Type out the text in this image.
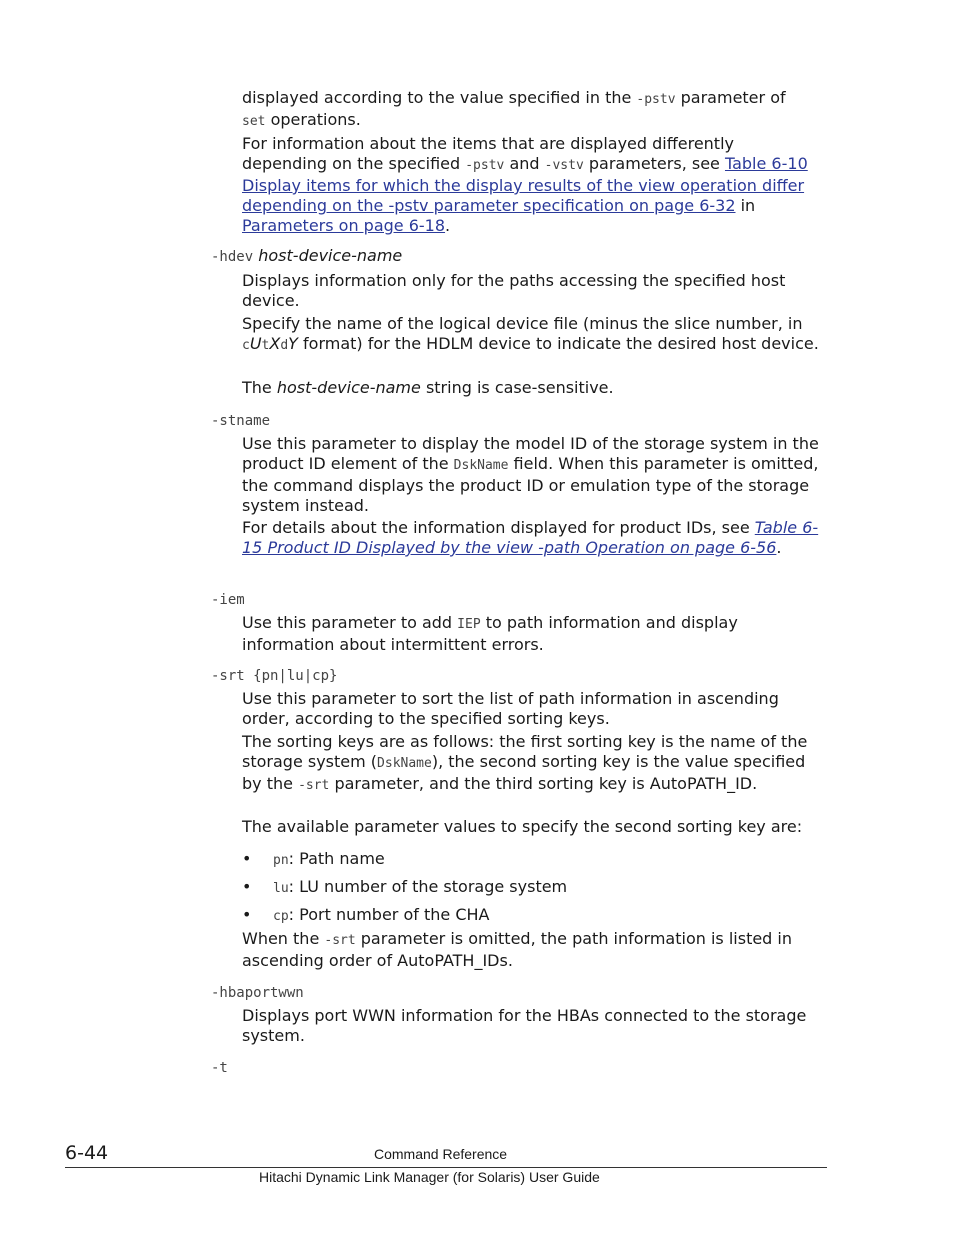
displayed according to the value specified in the -pstv parameter of
set operations.

For information about the items that are displayed differently depending on the specified -pstv and -vstv parameters, see Table 6-10 Display items for which the display results of the view operation differ depending on the -pstv parameter specification on page 6-32 in Parameters on page 6-18.

-hdev host-device-name

Displays information only for the paths accessing the specified host device.

Specify the name of the logical device file (minus the slice number, in cUtXdY format) for the HDLM device to indicate the desired host device.

The host-device-name string is case-sensitive.

-stname

Use this parameter to display the model ID of the storage system in the product ID element of the DskName field. When this parameter is omitted, the command displays the product ID or emulation type of the storage system instead.

For details about the information displayed for product IDs, see Table 6-15 Product ID Displayed by the view -path Operation on page 6-56.

-iem

Use this parameter to add IEP to path information and display information about intermittent errors.

-srt {pn|lu|cp}

Use this parameter to sort the list of path information in ascending order, according to the specified sorting keys.

The sorting keys are as follows: the first sorting key is the name of the storage system (DskName), the second sorting key is the value specified by the -srt parameter, and the third sorting key is AutoPATH_ID.

The available parameter values to specify the second sorting key are:

• pn: Path name
• lu: LU number of the storage system
• cp: Port number of the CHA

When the -srt parameter is omitted, the path information is listed in ascending order of AutoPATH_IDs.

-hbaportwwn

Displays port WWN information for the HBAs connected to the storage system.

-t
6-44	Command Reference
Hitachi Dynamic Link Manager (for Solaris) User Guide
